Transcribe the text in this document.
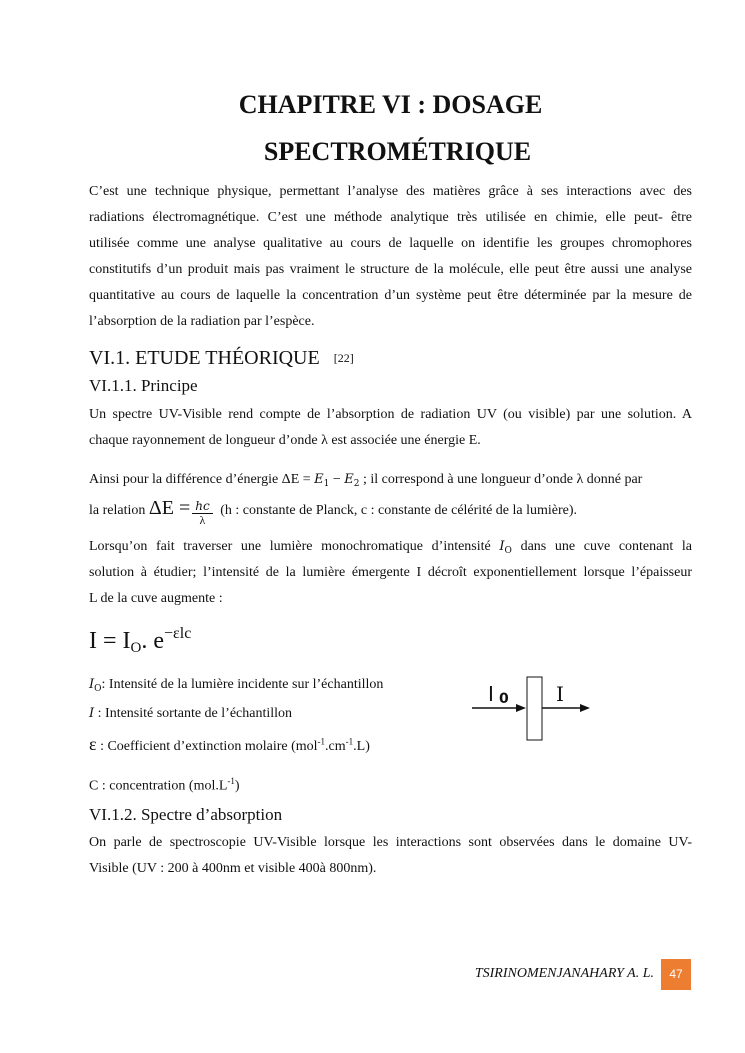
CHAPITRE VI : DOSAGE
SPECTROMÉTRIQUE
C’est une technique physique, permettant l’analyse des matières grâce à ses interactions avec des
radiations électromagnétique. C’est une méthode analytique très utilisée en chimie, elle peut- être
utilisée comme une analyse qualitative au cours de laquelle on identifie les groupes chromophores
constitutifs d’un produit mais pas vraiment le structure de la molécule, elle peut être aussi une analyse
quantitative au cours de laquelle la concentration d’un système peut être déterminée par la mesure de
l’absorption de la radiation par l’espèce.
VI.1. ETUDE THÉORIQUE [22]
VI.1.1. Principe
Un spectre UV-Visible rend compte de l’absorption de radiation UV (ou visible) par une solution. A
chaque rayonnement de longueur d’onde λ est associée une énergie E.
Ainsi pour la différence d’énergie $\Delta E = E_1 - E_2$ ; il correspond à une longueur d’onde λ donné par
la relation $\Delta E = \frac{hc}{\lambda} (h$ : constante de Planck, c : constante de célérité de la lumière).
Lorsqu’on fait traverser une lumière monochromatique d’intensité $I_O$ dans une cuve contenant la
solution à étudier; l’intensité de la lumière émergente I décroît exponentiellement lorsque l’épaisseur
L de la cuve augmente :
I = IO. $e^{-\varepsilon lc}$
$I_O$: Intensité de la lumière incidente sur l’échantillon
I : Intensité sortante de l’échantillon
ε : Coefficient d’extinction molaire $(mol^{-1}.cm^{-1}.L)$
C : concentration $(mol.L^{-1})$
I 0 I
VI.1.2. Spectre d’absorption
On parle de spectroscopie UV-Visible lorsque les interactions sont observées dans le domaine UV-
Visible (UV : 200 à 400nm et visible 400à 800nm).
TSIRINOMENJANAHARY A. L.	47
